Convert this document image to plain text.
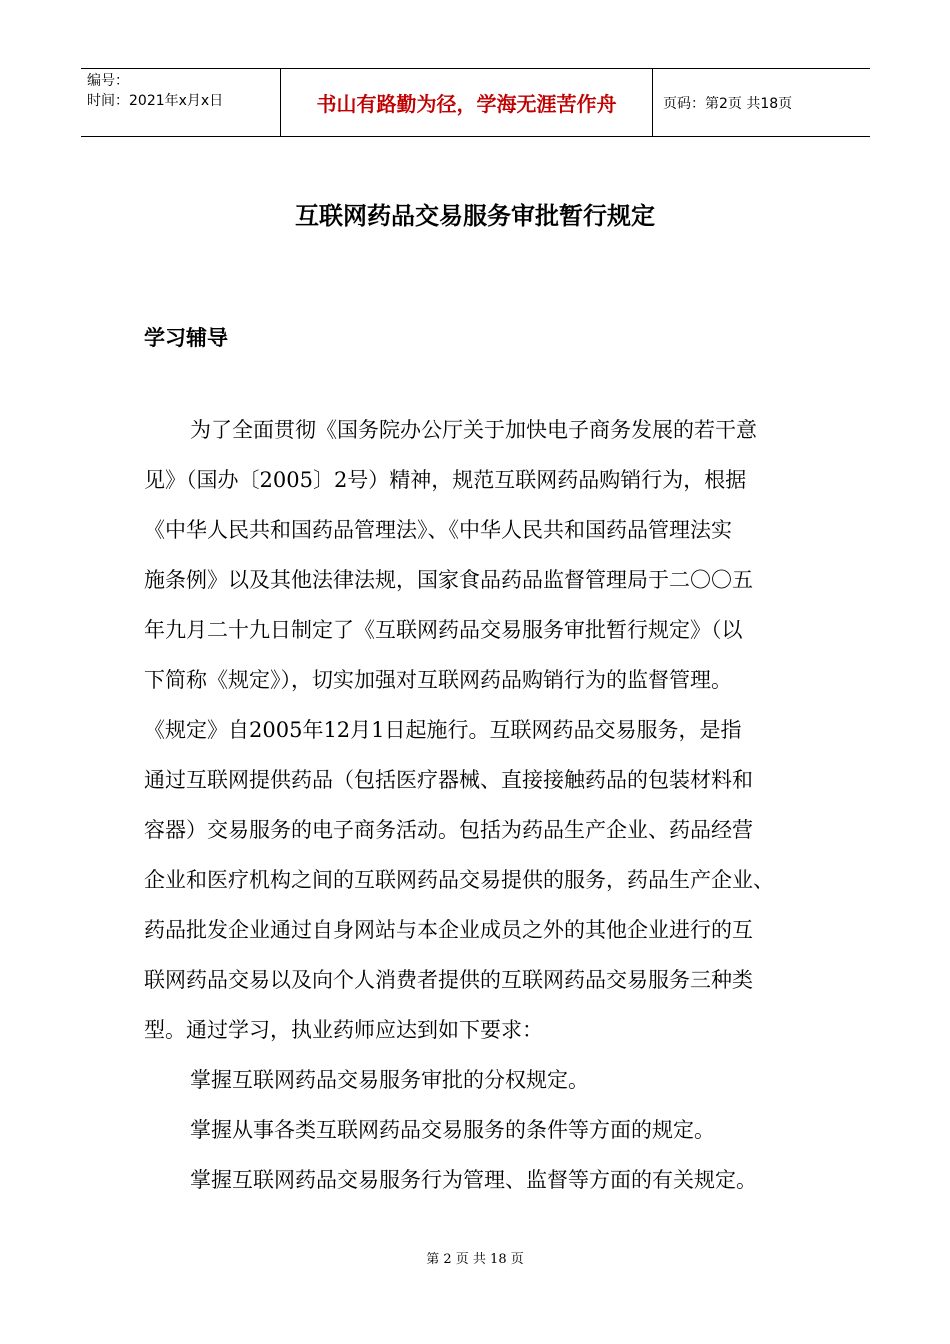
编号：
时间：2021年x月x日	书山有路勤为径，学海无涯苦作舟	页码：第2页 共18页
互联网药品交易服务审批暂行规定
学习辅导
为了全面贯彻《国务院办公厅关于加快电子商务发展的若干意
见》（国办〔2005〕2号）精神，规范互联网药品购销行为，根据
《中华人民共和国药品管理法》、《中华人民共和国药品管理法实
施条例》以及其他法律法规，国家食品药品监督管理局于二〇〇五
年九月二十九日制定了《互联网药品交易服务审批暂行规定》（以
下简称《规定》），切实加强对互联网药品购销行为的监督管理。
《规定》自2005年12月1日起施行。互联网药品交易服务，是指
通过互联网提供药品（包括医疗器械、直接接触药品的包装材料和
容器）交易服务的电子商务活动。包括为药品生产企业、药品经营
企业和医疗机构之间的互联网药品交易提供的服务，药品生产企业、
药品批发企业通过自身网站与本企业成员之外的其他企业进行的互
联网药品交易以及向个人消费者提供的互联网药品交易服务三种类
型。通过学习，执业药师应达到如下要求：
掌握互联网药品交易服务审批的分权规定。
掌握从事各类互联网药品交易服务的条件等方面的规定。
掌握互联网药品交易服务行为管理、监督等方面的有关规定。
第 2 页 共 18 页
